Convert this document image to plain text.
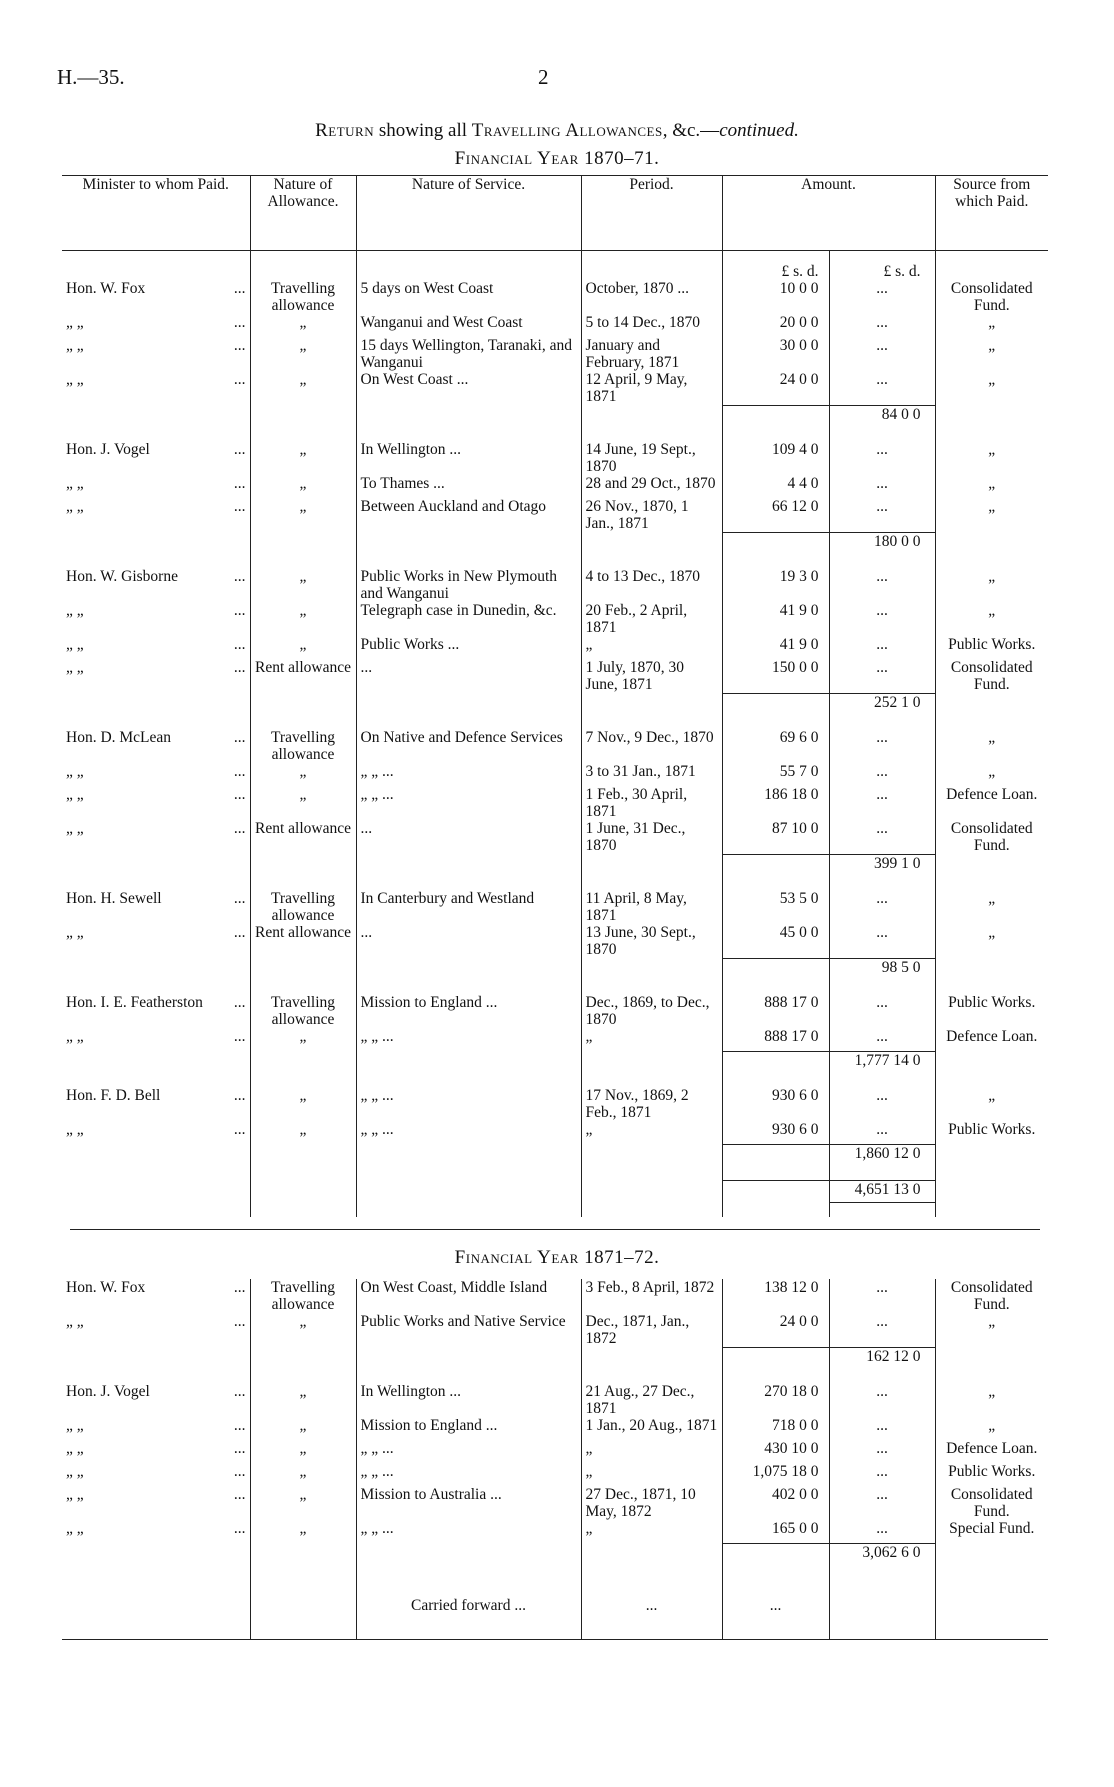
H.—35.	2
Return showing all Travelling Allowances, &c.—continued.
Financial Year 1870–71.
Minister to whom Paid.	Nature of Allowance.	Nature of Service.	Period.	Amount.		Source from which Paid.
				£ s. d.	£ s. d.	
Hon. W. Fox ...	Travelling allowance	5 days on West Coast	October, 1870 ...	10 0 0	...	Consolidated Fund.
„ „ ...	„	Wanganui and West Coast	5 to 14 Dec., 1870	20 0 0	...	„
„ „ ...	„	15 days Wellington, Taranaki, and Wanganui	January and February, 1871	30 0 0	...	„
„ „ ...	„	On West Coast ...	12 April, 9 May, 1871	24 0 0	...	„
					84 0 0	

Hon. J. Vogel ...	„	In Wellington ...	14 June, 19 Sept., 1870	109 4 0	...	„
„ „ ...	„	To Thames ...	28 and 29 Oct., 1870	4 4 0	...	„
„ „ ...	„	Between Auckland and Otago	26 Nov., 1870, 1 Jan., 1871	66 12 0	...	„
					180 0 0	

Hon. W. Gisborne ...	„	Public Works in New Plymouth and Wanganui	4 to 13 Dec., 1870	19 3 0	...	„
„ „ ...	„	Telegraph case in Dunedin, &c.	20 Feb., 2 April, 1871	41 9 0	...	„
„ „ ...	„	Public Works ...	„	41 9 0	...	Public Works.
„ „ ...	Rent allowance	...	1 July, 1870, 30 June, 1871	150 0 0	...	Consolidated Fund.
					252 1 0	

Hon. D. McLean ...	Travelling allowance	On Native and Defence Services	7 Nov., 9 Dec., 1870	69 6 0	...	„
„ „ ...	„	„ „ ...	3 to 31 Jan., 1871	55 7 0	...	„
„ „ ...	„	„ „ ...	1 Feb., 30 April, 1871	186 18 0	...	Defence Loan.
„ „ ...	Rent allowance	...	1 June, 31 Dec., 1870	87 10 0	...	Consolidated Fund.
					399 1 0	

Hon. H. Sewell ...	Travelling allowance	In Canterbury and Westland	11 April, 8 May, 1871	53 5 0	...	„
„ „ ...	Rent allowance	...	13 June, 30 Sept., 1870	45 0 0	...	„
					98 5 0	

Hon. I. E. Featherston ...	Travelling allowance	Mission to England ...	Dec., 1869, to Dec., 1870	888 17 0	...	Public Works.
„ „ ...	„	„ „ ...	„	888 17 0	...	Defence Loan.
					1,777 14 0	

Hon. F. D. Bell ...	„	„ „ ...	17 Nov., 1869, 2 Feb., 1871	930 6 0	...	„
„ „ ...	„	„ „ ...	„	930 6 0	...	Public Works.
					1,860 12 0	

					4,651 13 0	

Financial Year 1871–72.
Hon. W. Fox ...	Travelling allowance	On West Coast, Middle Island	3 Feb., 8 April, 1872	138 12 0	...	Consolidated Fund.
„ „ ...	„	Public Works and Native Service	Dec., 1871, Jan., 1872	24 0 0	...	„
					162 12 0	

Hon. J. Vogel ...	„	In Wellington ...	21 Aug., 27 Dec., 1871	270 18 0	...	„
„ „ ...	„	Mission to England ...	1 Jan., 20 Aug., 1871	718 0 0	...	„
„ „ ...	„	„ „ ...	„	430 10 0	...	Defence Loan.
„ „ ...	„	„ „ ...	„	1,075 18 0	...	Public Works.
„ „ ...	„	Mission to Australia ...	27 Dec., 1871, 10 May, 1872	402 0 0	...	Consolidated Fund.
„ „ ...	„	„ „ ...	„	165 0 0	...	Special Fund.
					3,062 6 0	

		Carried forward ...	...	...		
